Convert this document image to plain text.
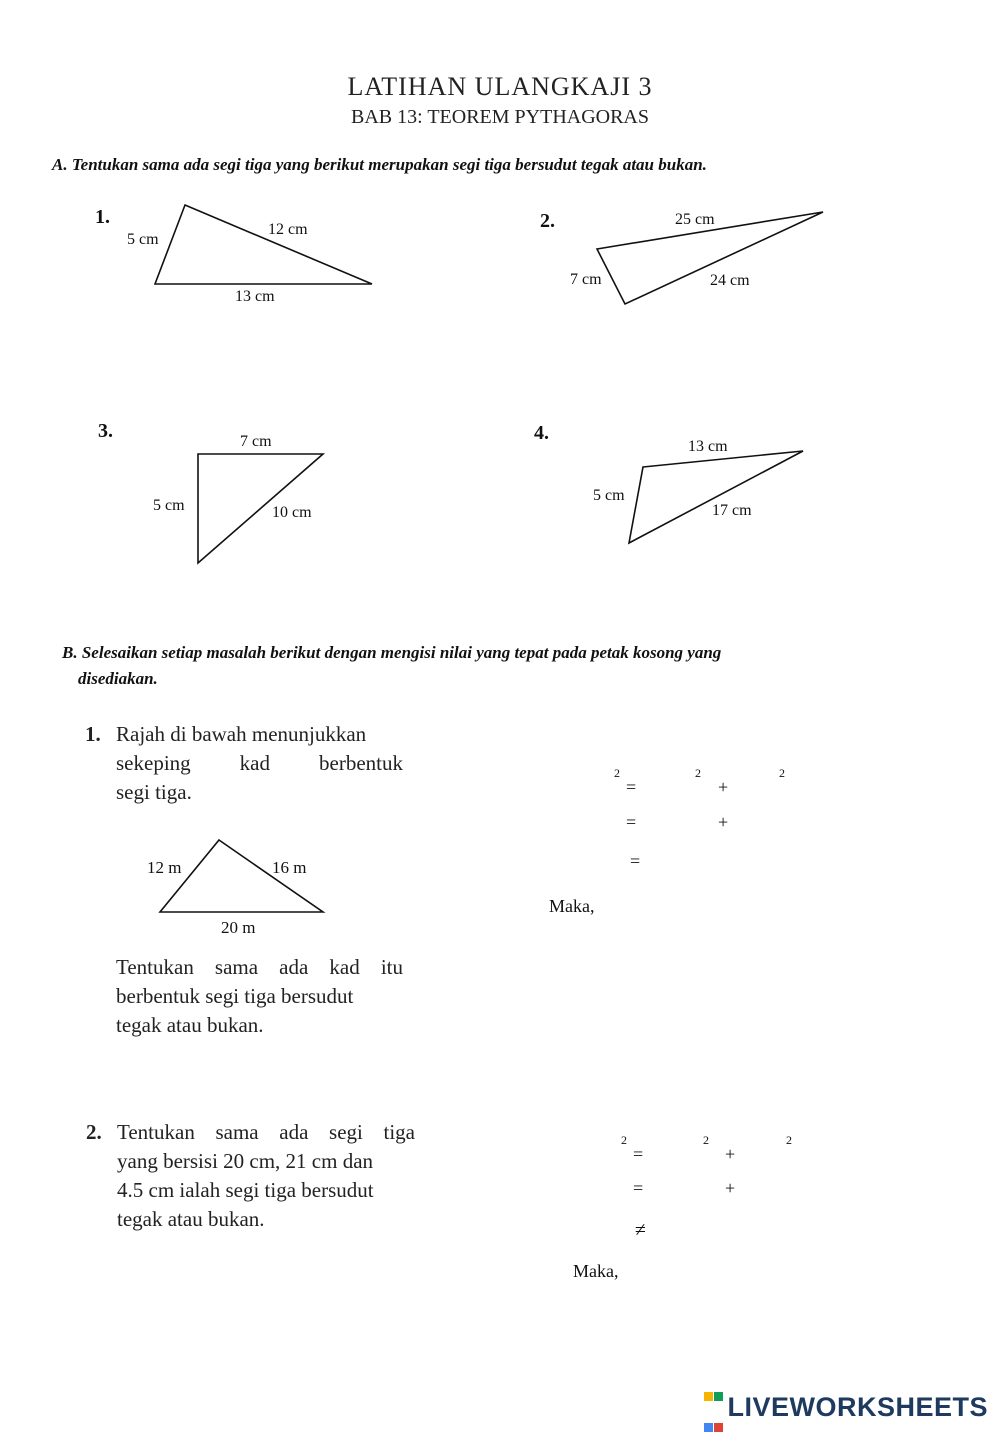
LATIHAN ULANGKAJI 3
BAB 13: TEOREM PYTHAGORAS
A. Tentukan sama ada segi tiga yang berikut merupakan segi tiga bersudut tegak atau bukan.
1.
5 cm
12 cm
13 cm
2.	25 cm
7 cm	24 cm
3.	7 cm
5 cm	10 cm
4.
13 cm
5 cm
17 cm
B. Selesaikan setiap masalah berikut dengan mengisi nilai yang tepat pada petak kosong yang
disediakan.
1. Rajah di bawah menunjukkan
sekeping kad berbentuk
segi tiga.
12 m	16 m
20 m
Tentukan sama ada kad itu
berbentuk segi tiga bersudut
tegak atau bukan.
2	2	2
=	+
=	+
=
Maka,
2. Tentukan sama ada segi tiga
yang bersisi 20 cm, 21 cm dan
4.5 cm ialah segi tiga bersudut
tegak atau bukan.
2	2	2
=	+
=	+
≠
Maka,

LIVEWORKSHEETS
